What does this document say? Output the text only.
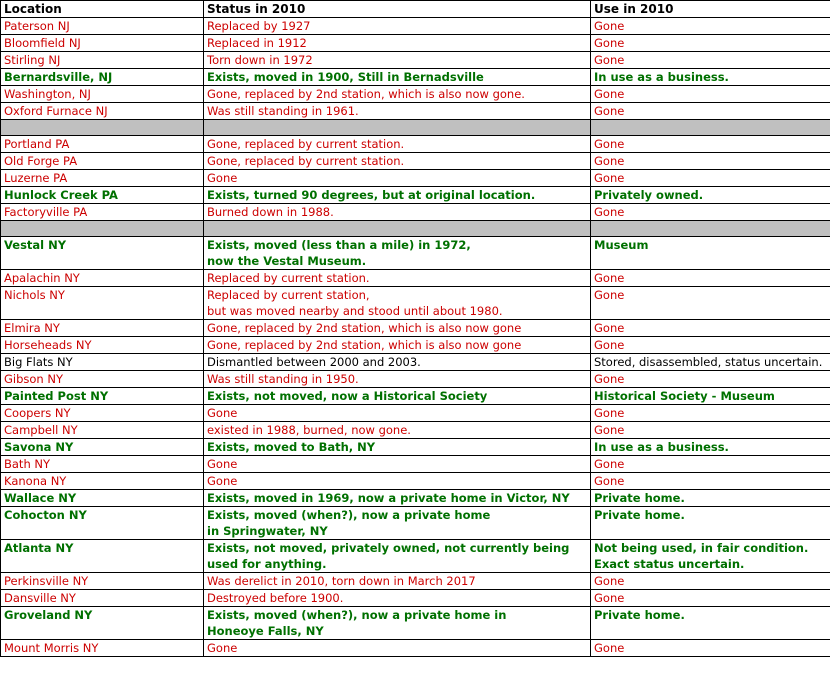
Location	Status in 2010	Use in 2010
Paterson NJ	Replaced by 1927	Gone

Bloomfield NJ	Replaced in 1912	Gone

Stirling NJ	Torn down in 1972	Gone

Bernardsville, NJ	Exists, moved in 1900, Still in Bernadsville	In use as a business.

Washington, NJ	Gone, replaced by 2nd station, which is also now gone.	Gone

Oxford Furnace NJ	Was still standing in 1961.	Gone

Portland PA	Gone, replaced by current station.	Gone

Old Forge PA	Gone, replaced by current station.	Gone

Luzerne PA	Gone	Gone

Hunlock Creek PA	Exists, turned 90 degrees, but at original location.	Privately owned.

Factoryville PA	Burned down in 1988.	Gone

Vestal NY	Exists, moved (less than a mile) in 1972,
now the Vestal Museum.	Museum

Apalachin NY	Replaced by current station.	Gone

Nichols NY	Replaced by current station,
but was moved nearby and stood until about 1980.	Gone

Elmira NY	Gone, replaced by 2nd station, which is also now gone	Gone

Horseheads NY	Gone, replaced by 2nd station, which is also now gone	Gone

Big Flats NY	Dismantled between 2000 and 2003.	Stored, disassembled, status uncertain.

Gibson NY	Was still standing in 1950.	Gone

Painted Post NY	Exists, not moved, now a Historical Society	Historical Society - Museum

Coopers NY	Gone	Gone

Campbell NY	existed in 1988, burned, now gone.	Gone

Savona NY	Exists, moved to Bath, NY	In use as a business.

Bath NY	Gone	Gone

Kanona NY	Gone	Gone

Wallace NY	Exists, moved in 1969, now a private home in Victor, NY	Private home.

Cohocton NY	Exists, moved (when?), now a private home
in Springwater, NY	Private home.

Atlanta NY	Exists, not moved, privately owned, not currently being
used for anything.	Not being used, in fair condition.
Exact status uncertain.

Perkinsville NY	Was derelict in 2010, torn down in March 2017	Gone

Dansville NY	Destroyed before 1900.	Gone

Groveland NY	Exists, moved (when?), now a private home in
Honeoye Falls, NY	Private home.

Mount Morris NY	Gone	Gone
